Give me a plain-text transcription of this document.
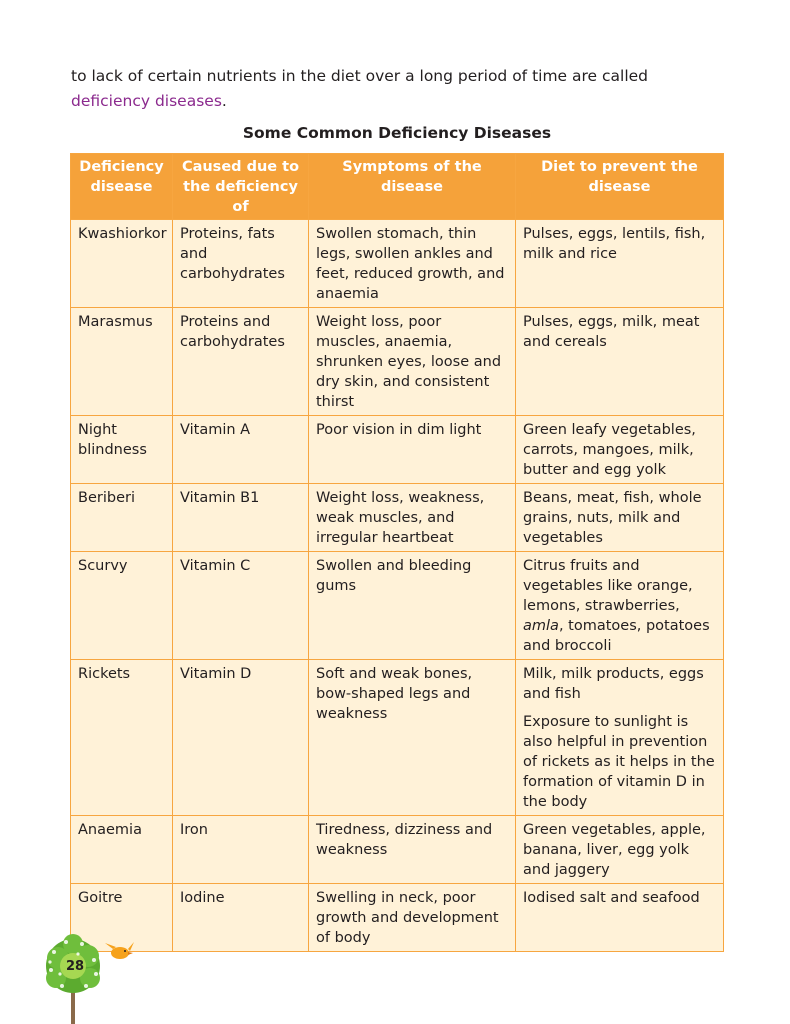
to lack of certain nutrients in the diet over a long period of time are called deficiency diseases.

Some Common Deficiency Diseases

Deficiency disease	Caused due to the deficiency of	Symptoms of the disease	Diet to prevent the disease
Kwashiorkor	Proteins, fats and carbohydrates	Swollen stomach, thin legs, swollen ankles and feet, reduced growth, and anaemia	Pulses, eggs, lentils, fish, milk and rice
Marasmus	Proteins and carbohydrates	Weight loss, poor muscles, anaemia, shrunken eyes, loose and dry skin, and consistent thirst	Pulses, eggs, milk, meat and cereals
Night blindness	Vitamin A	Poor vision in dim light	Green leafy vegetables, carrots, mangoes, milk, butter and egg yolk
Beriberi	Vitamin B1	Weight loss, weakness, weak muscles, and irregular heartbeat	Beans, meat, fish, whole grains, nuts, milk and vegetables
Scurvy	Vitamin C	Swollen and bleeding gums	Citrus fruits and vegetables like orange, lemons, strawberries, amla, tomatoes, potatoes and broccoli
Rickets	Vitamin D	Soft and weak bones, bow-shaped legs and weakness	Milk, milk products, eggs and fish
Exposure to sunlight is also helpful in prevention of rickets as it helps in the formation of vitamin D in the body

Anaemia	Iron	Tiredness, dizziness and weakness	Green vegetables, apple, banana, liver, egg yolk and jaggery
Goitre	Iodine	Swelling in neck, poor growth and development of body	Iodised salt and seafood
28
